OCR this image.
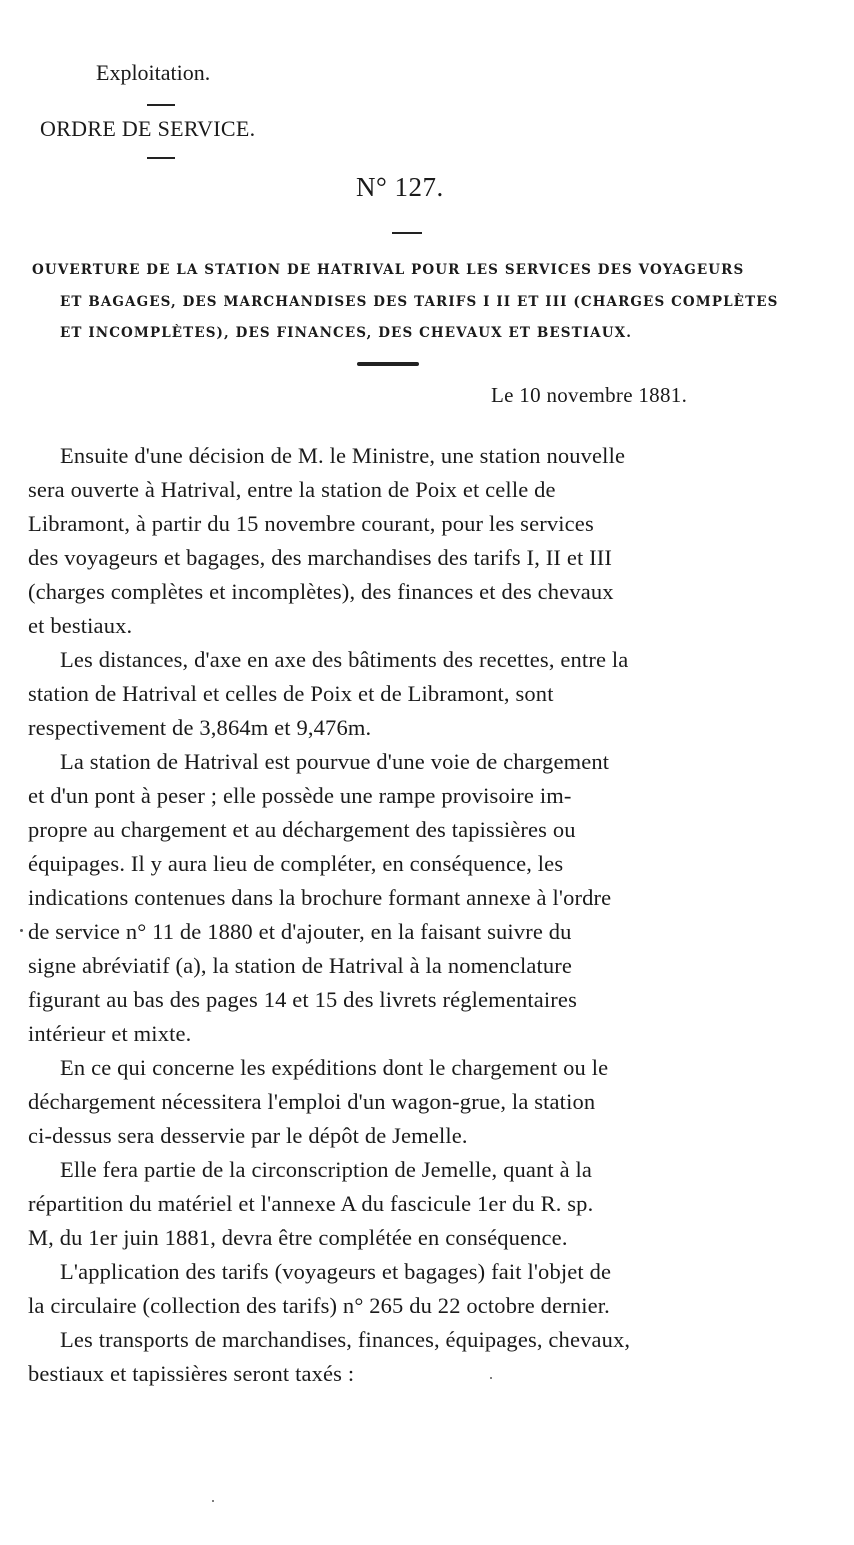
Exploitation.
ORDRE DE SERVICE.
N° 127.
OUVERTURE DE LA STATION DE HATRIVAL POUR LES SERVICES DES VOYAGEURS
ET BAGAGES, DES MARCHANDISES DES TARIFS I II ET III (CHARGES COMPLÈTES
ET INCOMPLÈTES), DES FINANCES, DES CHEVAUX ET BESTIAUX.
Le 10 novembre 1881.
Ensuite d'une décision de M. le Ministre, une station nouvelle
sera ouverte à Hatrival, entre la station de Poix et celle de
Libramont, à partir du 15 novembre courant, pour les services
des voyageurs et bagages, des marchandises des tarifs I, II et III
(charges complètes et incomplètes), des finances et des chevaux
et bestiaux.
Les distances, d'axe en axe des bâtiments des recettes, entre la
station de Hatrival et celles de Poix et de Libramont, sont
respectivement de 3,864m et 9,476m.
La station de Hatrival est pourvue d'une voie de chargement
et d'un pont à peser ; elle possède une rampe provisoire im-
propre au chargement et au déchargement des tapissières ou
équipages. Il y aura lieu de compléter, en conséquence, les
indications contenues dans la brochure formant annexe à l'ordre
de service n° 11 de 1880 et d'ajouter, en la faisant suivre du
signe abréviatif (a), la station de Hatrival à la nomenclature
figurant au bas des pages 14 et 15 des livrets réglementaires
intérieur et mixte.
En ce qui concerne les expéditions dont le chargement ou le
déchargement nécessitera l'emploi d'un wagon-grue, la station
ci-dessus sera desservie par le dépôt de Jemelle.
Elle fera partie de la circonscription de Jemelle, quant à la
répartition du matériel et l'annexe A du fascicule 1er du R. sp.
M, du 1er juin 1881, devra être complétée en conséquence.
L'application des tarifs (voyageurs et bagages) fait l'objet de
la circulaire (collection des tarifs) n° 265 du 22 octobre dernier.
Les transports de marchandises, finances, équipages, chevaux,
bestiaux et tapissières seront taxés :
